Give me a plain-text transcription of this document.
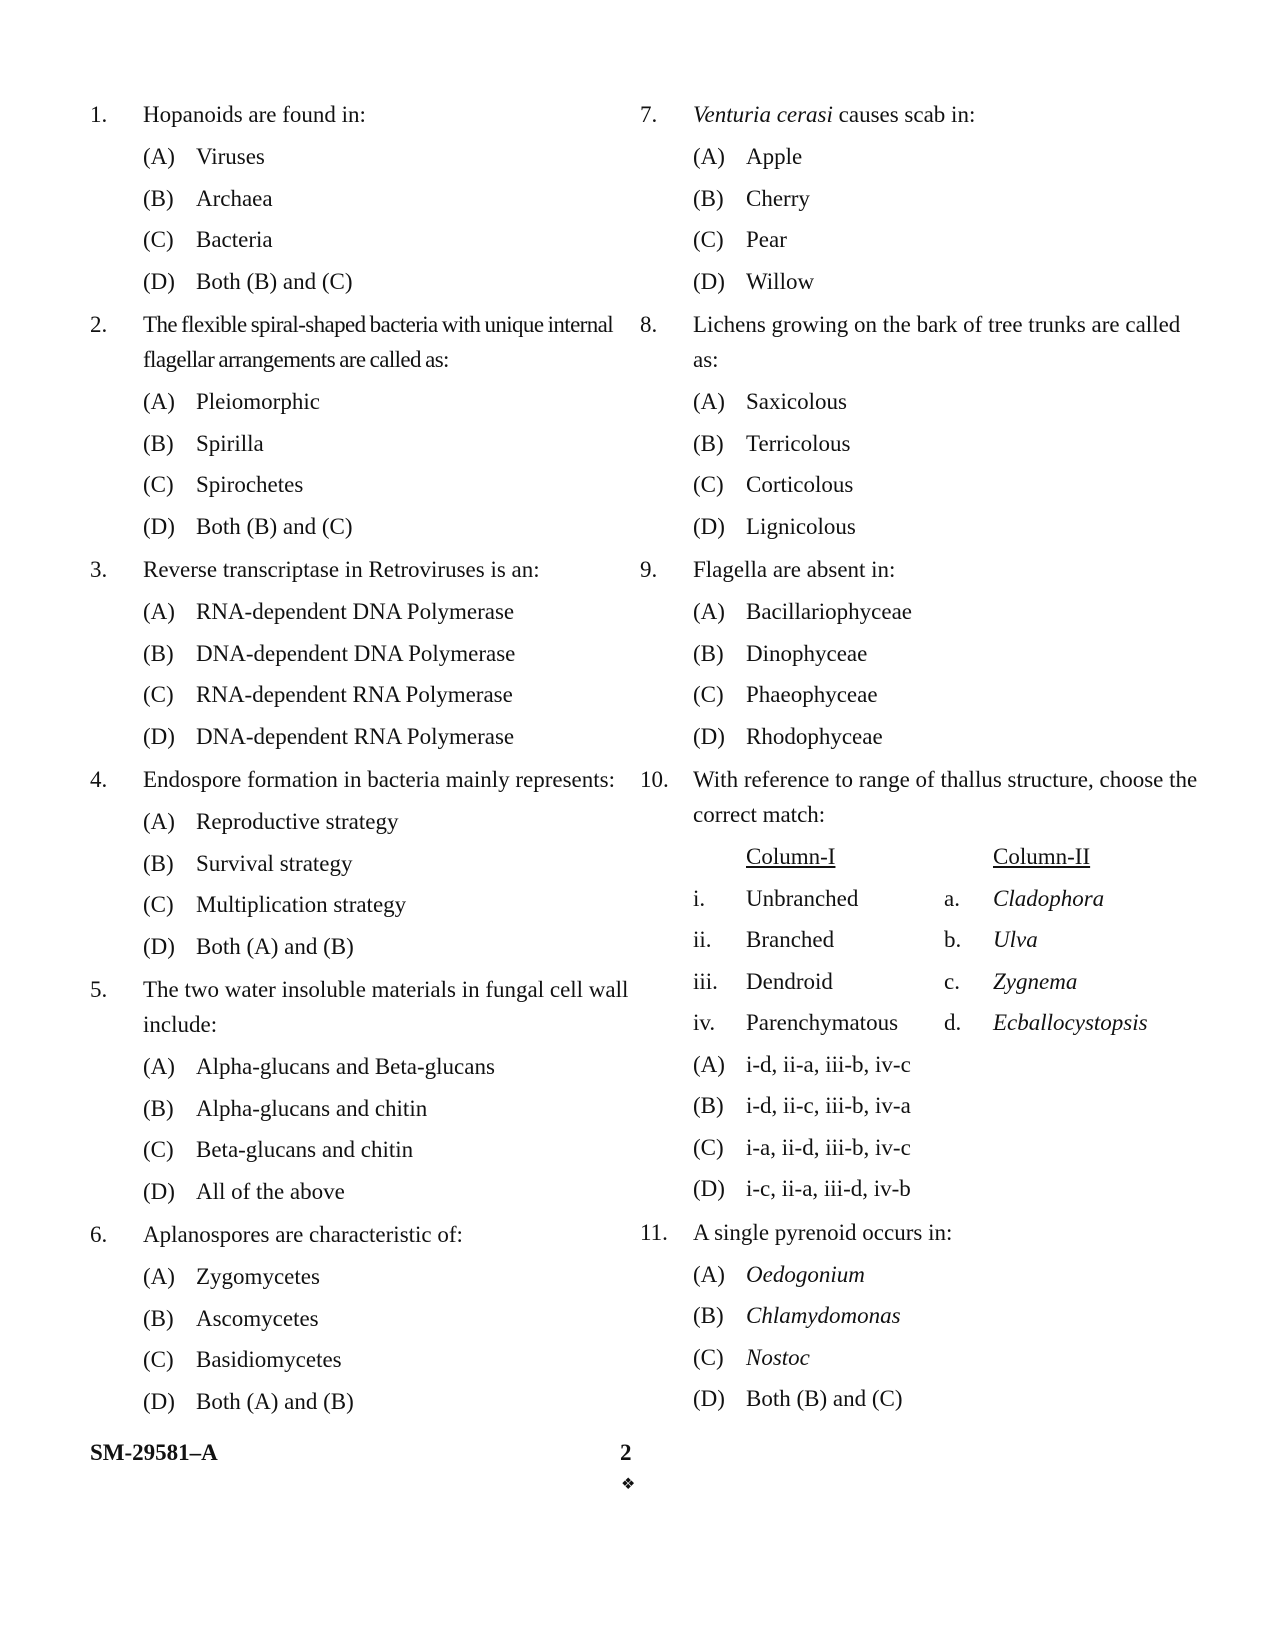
1. Hopanoids are found in:
(A) Viruses
(B) Archaea
(C) Bacteria
(D) Both (B) and (C)
2. The flexible spiral-shaped bacteria with unique internal flagellar arrangements are called as:
(A) Pleiomorphic
(B) Spirilla
(C) Spirochetes
(D) Both (B) and (C)
3. Reverse transcriptase in Retroviruses is an:
(A) RNA-dependent DNA Polymerase
(B) DNA-dependent DNA Polymerase
(C) RNA-dependent RNA Polymerase
(D) DNA-dependent RNA Polymerase
4. Endospore formation in bacteria mainly represents:
(A) Reproductive strategy
(B) Survival strategy
(C) Multiplication strategy
(D) Both (A) and (B)
5. The two water insoluble materials in fungal cell wall include:
(A) Alpha-glucans and Beta-glucans
(B) Alpha-glucans and chitin
(C) Beta-glucans and chitin
(D) All of the above
6. Aplanospores are characteristic of:
(A) Zygomycetes
(B) Ascomycetes
(C) Basidiomycetes
(D) Both (A) and (B)
7. Venturia cerasi causes scab in:
(A) Apple
(B) Cherry
(C) Pear
(D) Willow
8. Lichens growing on the bark of tree trunks are called as:
(A) Saxicolous
(B) Terricolous
(C) Corticolous
(D) Lignicolous
9. Flagella are absent in:
(A) Bacillariophyceae
(B) Dinophyceae
(C) Phaeophyceae
(D) Rhodophyceae
10. With reference to range of thallus structure, choose the correct match:
Column-I	Column-II
i. Unbranched	a. Cladophora
ii. Branched	b. Ulva
iii. Dendroid	c. Zygnema
iv. Parenchymatous d. Ecballocystopsis
(A) i-d, ii-a, iii-b, iv-c
(B) i-d, ii-c, iii-b, iv-a
(C) i-a, ii-d, iii-b, iv-c
(D) i-c, ii-a, iii-d, iv-b
11. A single pyrenoid occurs in:
(A) Oedogonium
(B) Chlamydomonas
(C) Nostoc
(D) Both (B) and (C)
SM-29581–A	2
❖
